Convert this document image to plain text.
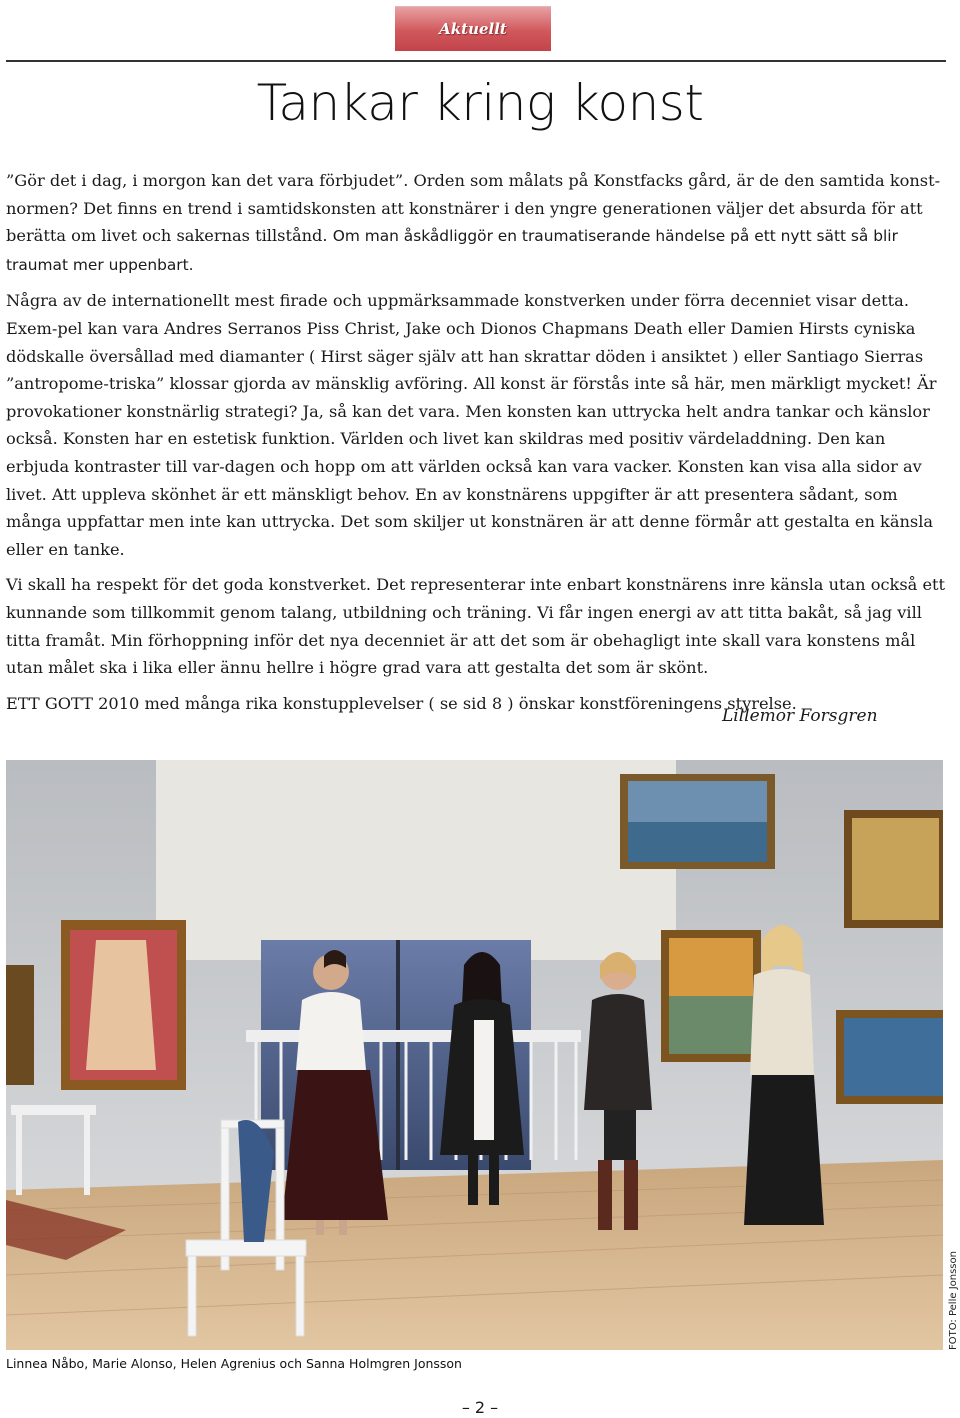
Aktuellt
Tankar kring konst

”Gör det i dag, i morgon kan det vara förbjudet”. Orden som målats på Konstfacks gård, är de den samtida konst-normen? Det finns en trend i samtidskonsten att konstnärer i den yngre generationen väljer det absurda för att berätta om livet och sakernas tillstånd. Om man åskådliggör en traumatiserande händelse på ett nytt sätt så blir traumat mer uppenbart.

Några av de internationellt mest firade och uppmärksammade konstverken under förra decenniet visar detta. Exem-pel kan vara Andres Serranos Piss Christ, Jake och Dionos Chapmans Death eller Damien Hirsts cyniska dödskalle översållad med diamanter ( Hirst säger själv att han skrattar döden i ansiktet ) eller Santiago Sierras ”antropome-triska” klossar gjorda av mänsklig avföring. All konst är förstås inte så här, men märkligt mycket! Är provokationer konstnärlig strategi? Ja, så kan det vara. Men konsten kan uttrycka helt andra tankar och känslor också. Konsten har en estetisk funktion. Världen och livet kan skildras med positiv värdeladdning. Den kan erbjuda kontraster till var-dagen och hopp om att världen också kan vara vacker. Konsten kan visa alla sidor av livet. Att uppleva skönhet är ett mänskligt behov. En av konstnärens uppgifter är att presentera sådant, som många uppfattar men inte kan uttrycka. Det som skiljer ut konstnären är att denne förmår att gestalta en känsla eller en tanke.

Vi skall ha respekt för det goda konstverket. Det representerar inte enbart konstnärens inre känsla utan också ett kunnande som tillkommit genom talang, utbildning och träning. Vi får ingen energi av att titta bakåt, så jag vill titta framåt. Min förhoppning inför det nya decenniet är att det som är obehagligt inte skall vara konstens mål utan målet ska i lika eller ännu hellre i högre grad vara att gestalta det som är skönt.

ETT GOTT 2010 med många rika konstupplevelser ( se sid 8 ) önskar konstföreningens styrelse.

Lillemor Forsgren
FOTO: Pelle Jonsson
Linnea Nåbo, Marie Alonso, Helen Agrenius och Sanna Holmgren Jonsson
– 2 –
